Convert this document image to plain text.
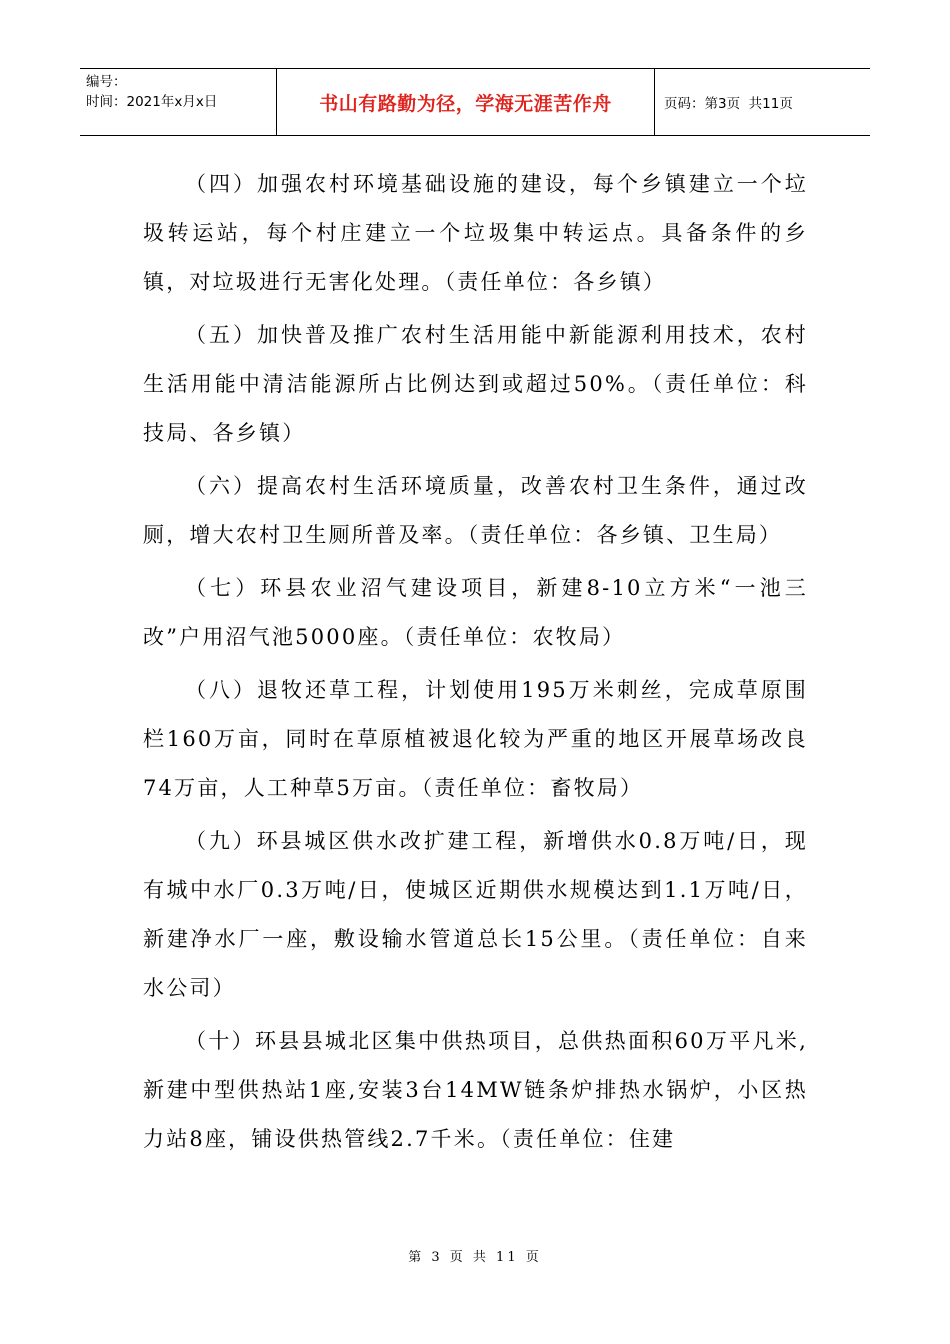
编号：
时间：2021年x月x日	书山有路勤为径，学海无涯苦作舟	页码：第3页  共11页

（四）加强农村环境基础设施的建设，每个乡镇建立一个垃圾转运站，每个村庄建立一个垃圾集中转运点。具备条件的乡镇，对垃圾进行无害化处理。（责任单位：各乡镇）

（五）加快普及推广农村生活用能中新能源利用技术，农村生活用能中清洁能源所占比例达到或超过50%。（责任单位：科技局、各乡镇）

（六）提高农村生活环境质量，改善农村卫生条件，通过改厕，增大农村卫生厕所普及率。（责任单位：各乡镇、卫生局）

（七）环县农业沼气建设项目，新建8-10立方米“一池三改”户用沼气池5000座。（责任单位：农牧局）

（八）退牧还草工程，计划使用195万米刺丝，完成草原围栏160万亩，同时在草原植被退化较为严重的地区开展草场改良74万亩，人工种草5万亩。（责任单位：畜牧局）

（九）环县城区供水改扩建工程，新增供水0.8万吨/日，现有城中水厂0.3万吨/日，使城区近期供水规模达到1.1万吨/日，新建净水厂一座，敷设输水管道总长15公里。（责任单位：自来水公司）

（十）环县县城北区集中供热项目，总供热面积60万平凡米,新建中型供热站1座,安装3台14MW链条炉排热水锅炉，小区热力站8座，铺设供热管线2.7千米。（责任单位：住建

第 3 页 共 11 页
